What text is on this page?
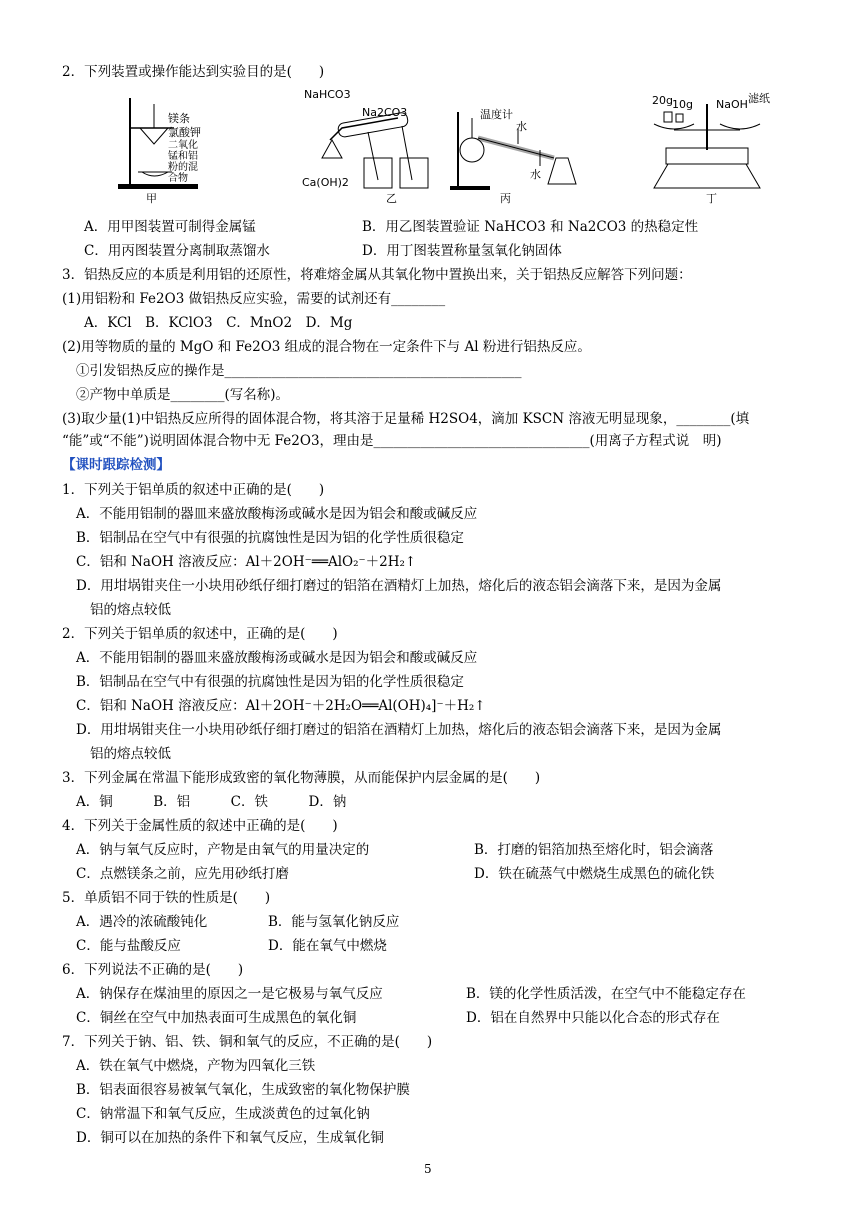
2．下列装置或操作能达到实验目的是(　　)
镁条
氯酸钾
二氧化锰和铝粉的混合物
甲
NaHCO3
Na2CO3
Ca(OH)2
乙
温度计
水
水
丙
20g 10g NaOH 滤纸
丁
A．用甲图装置可制得金属锰	B．用乙图装置验证 NaHCO3 和 Na2CO3 的热稳定性
C．用丙图装置分离制取蒸馏水	D．用丁图装置称量氢氧化钠固体
3．铝热反应的本质是利用铝的还原性，将难熔金属从其氧化物中置换出来，关于铝热反应解答下列问题：
(1)用铝粉和 Fe2O3 做铝热反应实验，需要的试剂还有________
A．KCl　B．KClO3　C．MnO2　D．Mg
(2)用等物质的量的 MgO 和 Fe2O3 组成的混合物在一定条件下与 Al 粉进行铝热反应。
①引发铝热反应的操作是____________________________________________
②产物中单质是________(写名称)。
(3)取少量(1)中铝热反应所得的固体混合物，将其溶于足量稀 H2SO4，滴加 KSCN 溶液无明显现象，________(填
“能”或“不能”)说明固体混合物中无 Fe2O3，理由是________________________________(用离子方程式说　明)
【课时跟踪检测】
1．下列关于铝单质的叙述中正确的是(　　)
A．不能用铝制的器皿来盛放酸梅汤或碱水是因为铝会和酸或碱反应
B．铝制品在空气中有很强的抗腐蚀性是因为铝的化学性质很稳定
C．铝和 NaOH 溶液反应：Al＋2OH⁻══AlO₂⁻＋2H₂↑
D．用坩埚钳夹住一小块用砂纸仔细打磨过的铝箔在酒精灯上加热，熔化后的液态铝会滴落下来，是因为金属
铝的熔点较低
2．下列关于铝单质的叙述中，正确的是(　　)
A．不能用铝制的器皿来盛放酸梅汤或碱水是因为铝会和酸或碱反应
B．铝制品在空气中有很强的抗腐蚀性是因为铝的化学性质很稳定
C．铝和 NaOH 溶液反应：Al＋2OH⁻＋2H₂O══Al(OH)₄]⁻＋H₂↑
D．用坩埚钳夹住一小块用砂纸仔细打磨过的铝箔在酒精灯上加热，熔化后的液态铝会滴落下来，是因为金属
铝的熔点较低
3．下列金属在常温下能形成致密的氧化物薄膜，从而能保护内层金属的是(　　)
A．铜　　　B．铝　　　C．铁　　　D．钠
4．下列关于金属性质的叙述中正确的是(　　)
A．钠与氧气反应时，产物是由氧气的用量决定的	B．打磨的铝箔加热至熔化时，铝会滴落
C．点燃镁条之前，应先用砂纸打磨	D．铁在硫蒸气中燃烧生成黑色的硫化铁
5．单质铝不同于铁的性质是(　　)
A．遇冷的浓硫酸钝化	B．能与氢氧化钠反应
C．能与盐酸反应	D．能在氧气中燃烧
6．下列说法不正确的是(　　)
A．钠保存在煤油里的原因之一是它极易与氧气反应	B．镁的化学性质活泼，在空气中不能稳定存在
C．铜丝在空气中加热表面可生成黑色的氧化铜	D．铝在自然界中只能以化合态的形式存在
7．下列关于钠、铝、铁、铜和氧气的反应，不正确的是(　　)
A．铁在氧气中燃烧，产物为四氧化三铁
B．铝表面很容易被氧气氧化，生成致密的氧化物保护膜
C．钠常温下和氧气反应，生成淡黄色的过氧化钠
D．铜可以在加热的条件下和氧气反应，生成氧化铜
5
